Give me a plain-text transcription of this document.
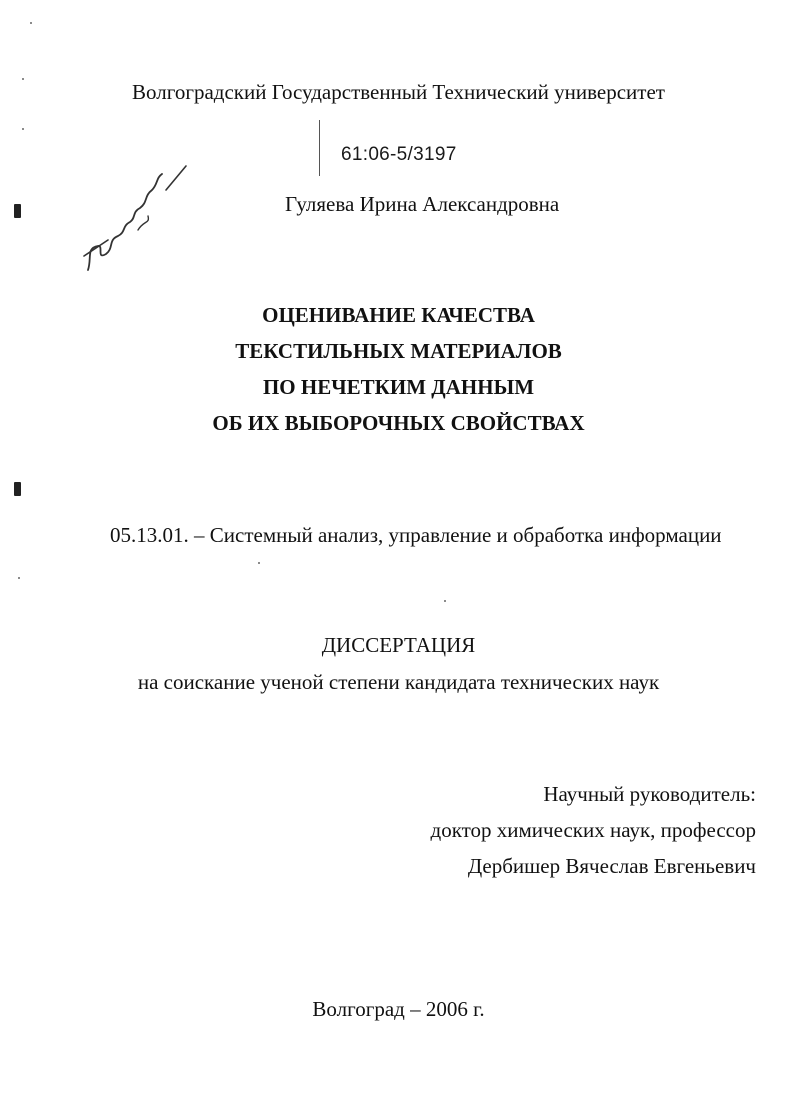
Волгоградский Государственный Технический университет
61:06-5/3197
Гуляева Ирина Александровна
ОЦЕНИВАНИЕ КАЧЕСТВА
ТЕКСТИЛЬНЫХ МАТЕРИАЛОВ
ПО НЕЧЕТКИМ ДАННЫМ
ОБ ИХ ВЫБОРОЧНЫХ СВОЙСТВАХ
05.13.01. – Системный анализ, управление и обработка информации
ДИССЕРТАЦИЯ
на соискание ученой степени кандидата технических наук
Научный руководитель:
доктор химических наук, профессор
Дербишер Вячеслав Евгеньевич
Волгоград – 2006 г.
